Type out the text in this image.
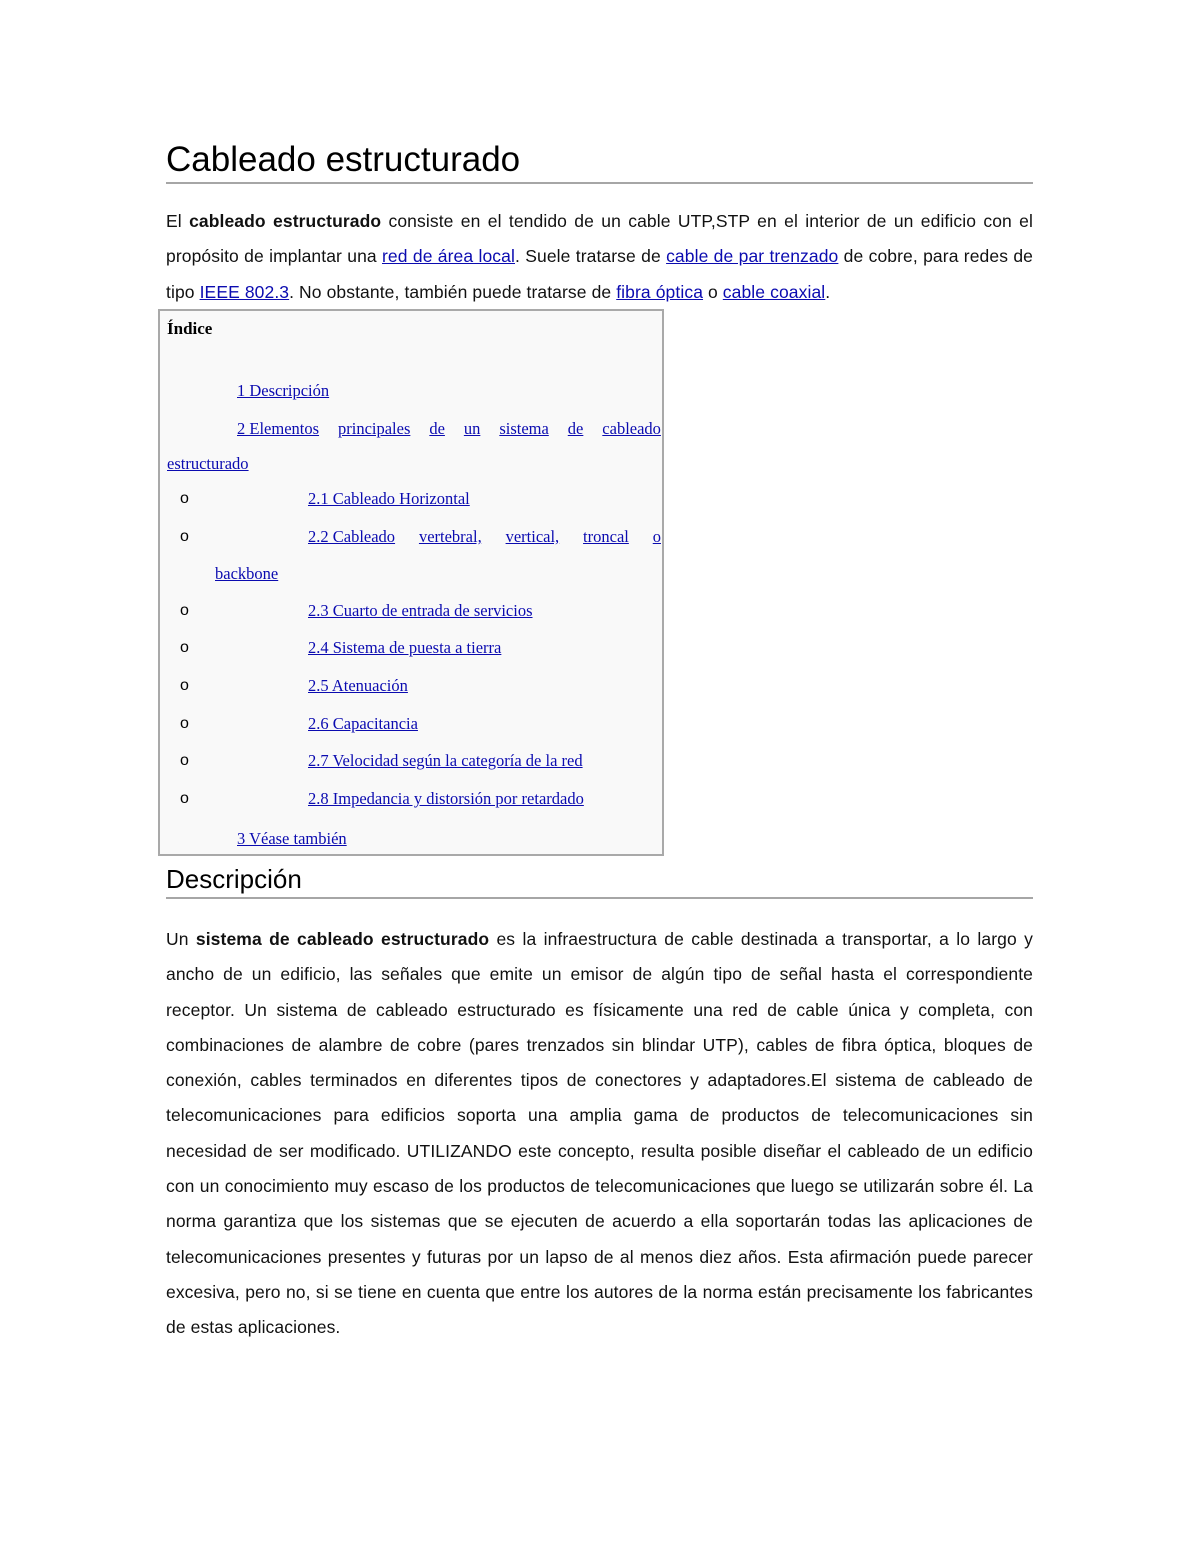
Cableado estructurado

El cableado estructurado consiste en el tendido de un cable UTP,STP en el interior de un edificio con el propósito de implantar una red de área local. Suele tratarse de cable de par trenzado de cobre, para redes de tipo IEEE 802.3. No obstante, también puede tratarse de fibra óptica o cable coaxial.

Índice
1 Descripción
2 Elementos principales de un sistema de cableado
estructurado
o	2.1 Cableado Horizontal
o	2.2 Cableado vertebral, vertical, troncal o
backbone
o	2.3 Cuarto de entrada de servicios
o	2.4 Sistema de puesta a tierra
o	2.5 Atenuación
o	2.6 Capacitancia
o	2.7 Velocidad según la categoría de la red
o	2.8 Impedancia y distorsión por retardado
3 Véase también
Descripción

Un sistema de cableado estructurado es la infraestructura de cable destinada a transportar, a lo largo y ancho de un edificio, las señales que emite un emisor de algún tipo de señal hasta el correspondiente receptor. Un sistema de cableado estructurado es físicamente una red de cable única y completa, con combinaciones de alambre de cobre (pares trenzados sin blindar UTP), cables de fibra óptica, bloques de conexión, cables terminados en diferentes tipos de conectores y adaptadores.El sistema de cableado de telecomunicaciones para edificios soporta una amplia gama de productos de telecomunicaciones sin necesidad de ser modificado. UTILIZANDO este concepto, resulta posible diseñar el cableado de un edificio con un conocimiento muy escaso de los productos de telecomunicaciones que luego se utilizarán sobre él. La norma garantiza que los sistemas que se ejecuten de acuerdo a ella soportarán todas las aplicaciones de telecomunicaciones presentes y futuras por un lapso de al menos diez años. Esta afirmación puede parecer excesiva, pero no, si se tiene en cuenta que entre los autores de la norma están precisamente los fabricantes de estas aplicaciones.
